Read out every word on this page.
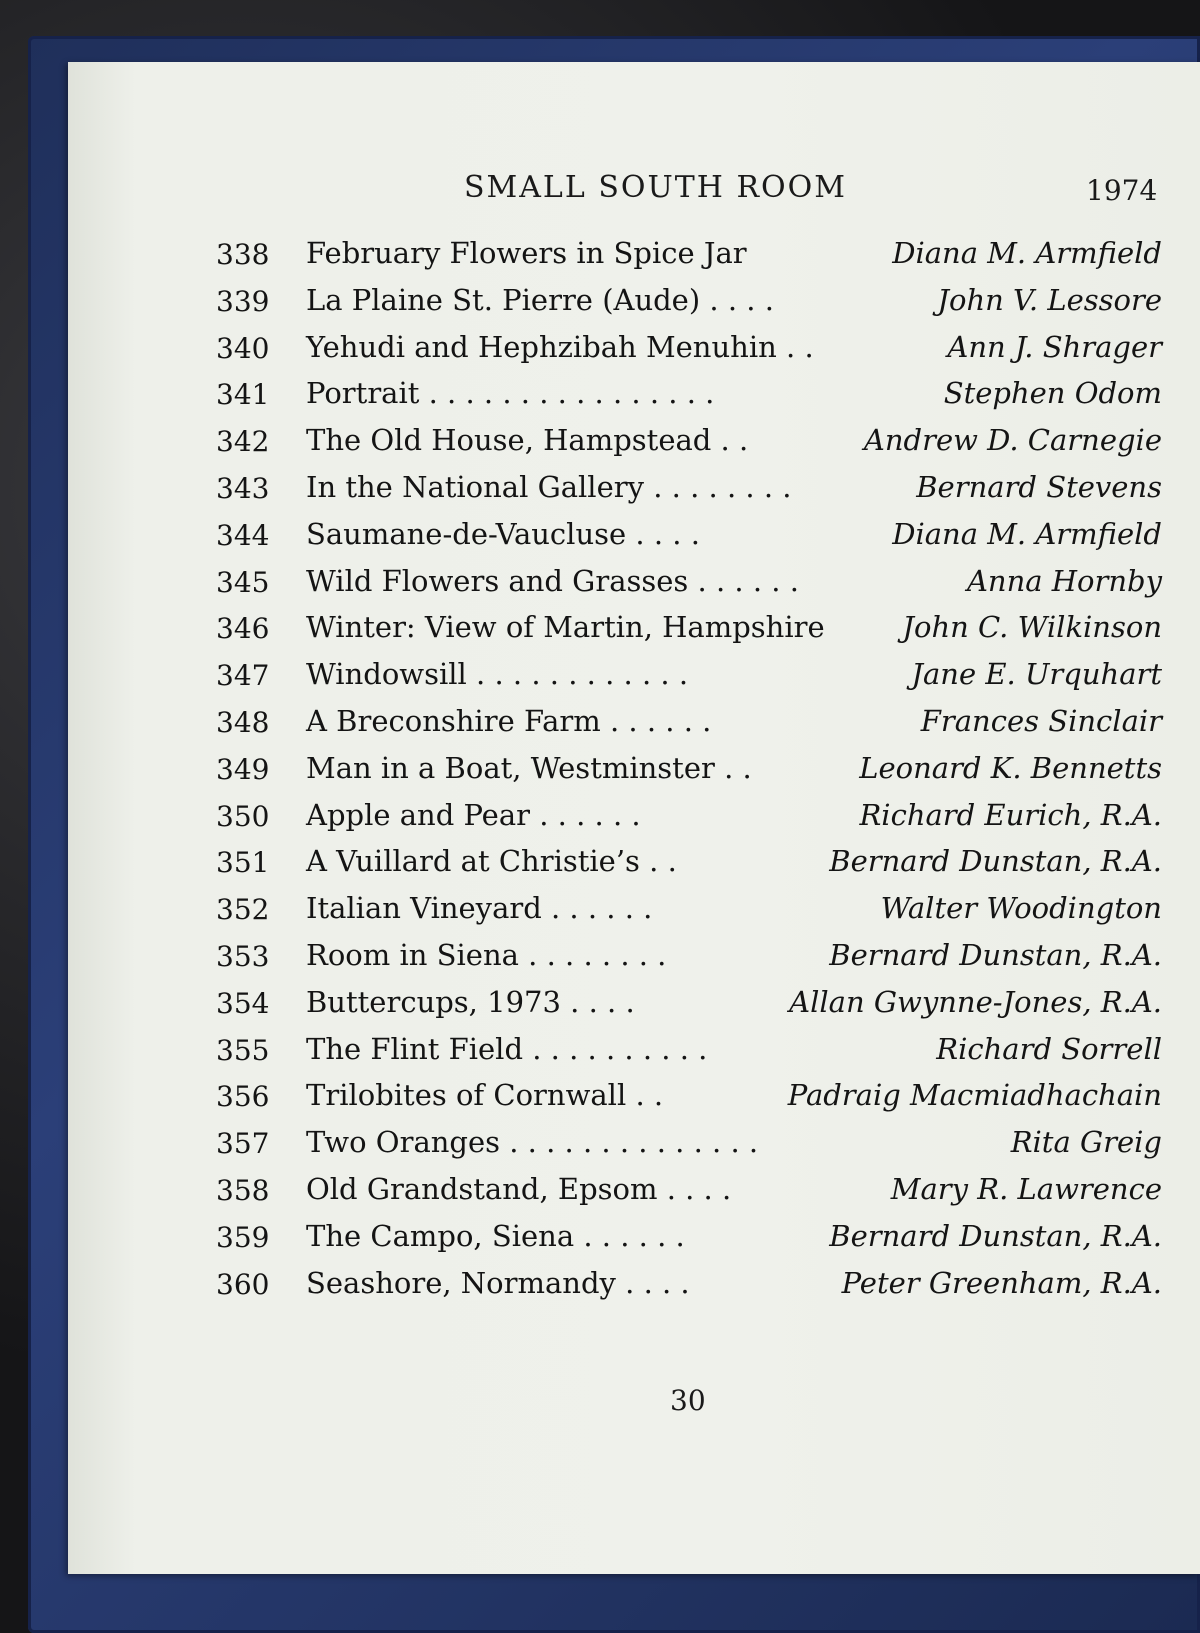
SMALL SOUTH ROOM	1974
338 February Flowers in Spice Jar	Diana M. Armfield
339 La Plaine St. Pierre (Aude) . . . .	John V. Lessore
340 Yehudi and Hephzibah Menuhin . .	Ann J. Shrager
341 Portrait . . . . . . . . . . . . . . . .	Stephen Odom
342 The Old House, Hampstead . .	Andrew D. Carnegie
343 In the National Gallery . . . . . . . .	Bernard Stevens
344 Saumane-de-Vaucluse . . . .	Diana M. Armfield
345 Wild Flowers and Grasses . . . . . .	Anna Hornby
346 Winter: View of Martin, Hampshire	John C. Wilkinson
347 Windowsill . . . . . . . . . . . .	Jane E. Urquhart
348 A Breconshire Farm . . . . . .	Frances Sinclair
349 Man in a Boat, Westminster . .	Leonard K. Bennetts
350 Apple and Pear . . . . . .	Richard Eurich, R.A.
351 A Vuillard at Christie’s . .	Bernard Dunstan, R.A.
352 Italian Vineyard . . . . . .	Walter Woodington
353 Room in Siena . . . . . . . .	Bernard Dunstan, R.A.
354 Buttercups, 1973 . . . .	Allan Gwynne-Jones, R.A.
355 The Flint Field . . . . . . . . . .	Richard Sorrell
356 Trilobites of Cornwall . .	Padraig Macmiadhachain
357 Two Oranges . . . . . . . . . . . . . .	Rita Greig
358 Old Grandstand, Epsom . . . .	Mary R. Lawrence
359 The Campo, Siena . . . . . .	Bernard Dunstan, R.A.
360 Seashore, Normandy . . . .	Peter Greenham, R.A.
30
